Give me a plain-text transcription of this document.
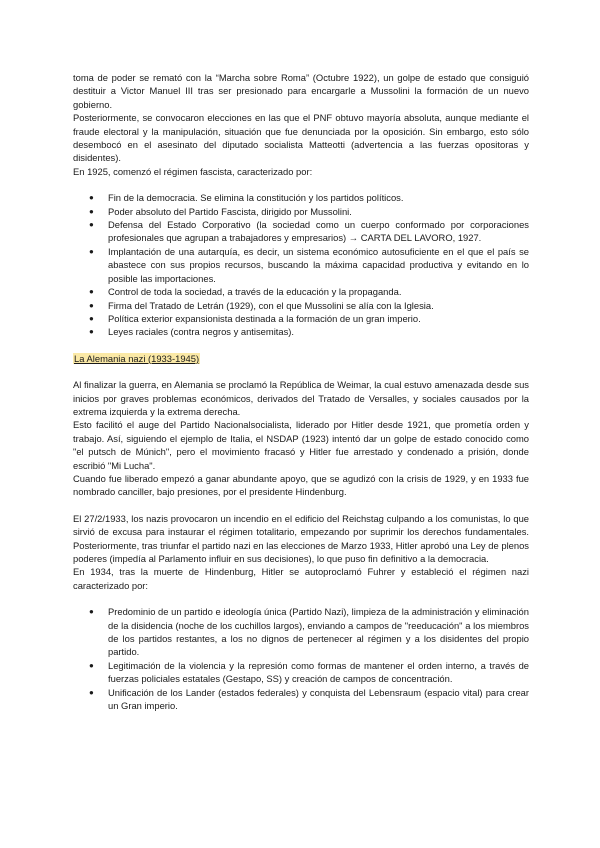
toma de poder se remató con la “Marcha sobre Roma” (Octubre 1922), un golpe de estado que consiguió destituir a Victor Manuel III tras ser presionado para encargarle a Mussolini la formación de un nuevo gobierno.

Posteriormente, se convocaron elecciones en las que el PNF obtuvo mayoría absoluta, aunque mediante el fraude electoral y la manipulación, situación que fue denunciada por la oposición. Sin embargo, esto sólo desembocó en el asesinato del diputado socialista Matteotti (advertencia a las fuerzas opositoras y disidentes).

En 1925, comenzó el régimen fascista, caracterizado por:

● Fin de la democracia. Se elimina la constitución y los partidos políticos.
● Poder absoluto del Partido Fascista, dirigido por Mussolini.
● Defensa del Estado Corporativo (la sociedad como un cuerpo conformado por corporaciones profesionales que agrupan a trabajadores y empresarios) → CARTA DEL LAVORO, 1927.
● Implantación de una autarquía, es decir, un sistema económico autosuficiente en el que el país se abastece con sus propios recursos, buscando la máxima capacidad productiva y evitando en lo posible las importaciones.
● Control de toda la sociedad, a través de la educación y la propaganda.
● Firma del Tratado de Letrán (1929), con el que Mussolini se alía con la Iglesia.
● Política exterior expansionista destinada a la formación de un gran imperio.
● Leyes raciales (contra negros y antisemitas).

La Alemania nazi (1933-1945)

Al finalizar la guerra, en Alemania se proclamó la República de Weimar, la cual estuvo amenazada desde sus inicios por graves problemas económicos, derivados del Tratado de Versalles, y sociales causados por la extrema izquierda y la extrema derecha.

Esto facilitó el auge del Partido Nacionalsocialista, liderado por Hitler desde 1921, que prometía orden y trabajo. Así, siguiendo el ejemplo de Italia, el NSDAP (1923) intentó dar un golpe de estado conocido como "el putsch de Múnich", pero el movimiento fracasó y Hitler fue arrestado y condenado a prisión, donde escribió "Mi Lucha".

Cuando fue liberado empezó a ganar abundante apoyo, que se agudizó con la crisis de 1929, y en 1933 fue nombrado canciller, bajo presiones, por el presidente Hindenburg.

El 27/2/1933, los nazis provocaron un incendio en el edificio del Reichstag culpando a los comunistas, lo que sirvió de excusa para instaurar el régimen totalitario, empezando por suprimir los derechos fundamentales. Posteriormente, tras triunfar el partido nazi en las elecciones de Marzo 1933, Hitler aprobó una Ley de plenos poderes (impedía al Parlamento influir en sus decisiones), lo que puso fin definitivo a la democracia.

En 1934, tras la muerte de Hindenburg, Hitler se autoproclamó Fuhrer y estableció el régimen nazi caracterizado por:

● Predominio de un partido e ideología única (Partido Nazi), limpieza de la administración y eliminación de la disidencia (noche de los cuchillos largos), enviando a campos de "reeducación" a los miembros de los partidos restantes, a los no dignos de pertenecer al régimen y a los disidentes del propio partido.
● Legitimación de la violencia y la represión como formas de mantener el orden interno, a través de fuerzas policiales estatales (Gestapo, SS) y creación de campos de concentración.
● Unificación de los Lander (estados federales) y conquista del Lebensraum (espacio vital) para crear un Gran imperio.
